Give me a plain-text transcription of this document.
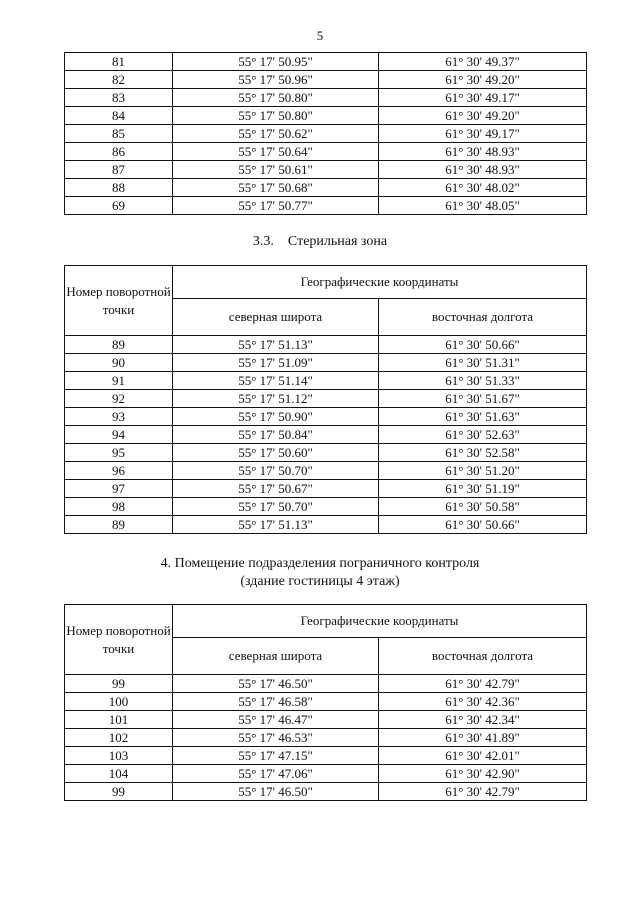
5
81	55° 17' 50.95"	61° 30' 49.37"
82	55° 17' 50.96"	61° 30' 49.20"
83	55° 17' 50.80"	61° 30' 49.17"
84	55° 17' 50.80"	61° 30' 49.20"
85	55° 17' 50.62"	61° 30' 49.17"
86	55° 17' 50.64"	61° 30' 48.93"
87	55° 17' 50.61"	61° 30' 48.93"
88	55° 17' 50.68"	61° 30' 48.02"
69	55° 17' 50.77"	61° 30' 48.05"
3.3.    Стерильная зона
Номер поворотной точки	Географические координаты	
	северная широта	восточная долгота
89	55° 17' 51.13"	61° 30' 50.66"
90	55° 17' 51.09"	61° 30' 51.31"
91	55° 17' 51.14"	61° 30' 51.33"
92	55° 17' 51.12"	61° 30' 51.67"
93	55° 17' 50.90"	61° 30' 51.63"
94	55° 17' 50.84"	61° 30' 52.63"
95	55° 17' 50.60"	61° 30' 52.58"
96	55° 17' 50.70"	61° 30' 51.20"
97	55° 17' 50.67"	61° 30' 51.19"
98	55° 17' 50.70"	61° 30' 50.58"
89	55° 17' 51.13"	61° 30' 50.66"
4. Помещение подразделения пограничного контроля
(здание гостиницы 4 этаж)
Номер поворотной точки	Географические координаты	
	северная широта	восточная долгота
99	55° 17' 46.50"	61° 30' 42.79"
100	55° 17' 46.58"	61° 30' 42.36"
101	55° 17' 46.47"	61° 30' 42.34"
102	55° 17' 46.53"	61° 30' 41.89"
103	55° 17' 47.15"	61° 30' 42.01"
104	55° 17' 47.06"	61° 30' 42.90"
99	55° 17' 46.50"	61° 30' 42.79"
